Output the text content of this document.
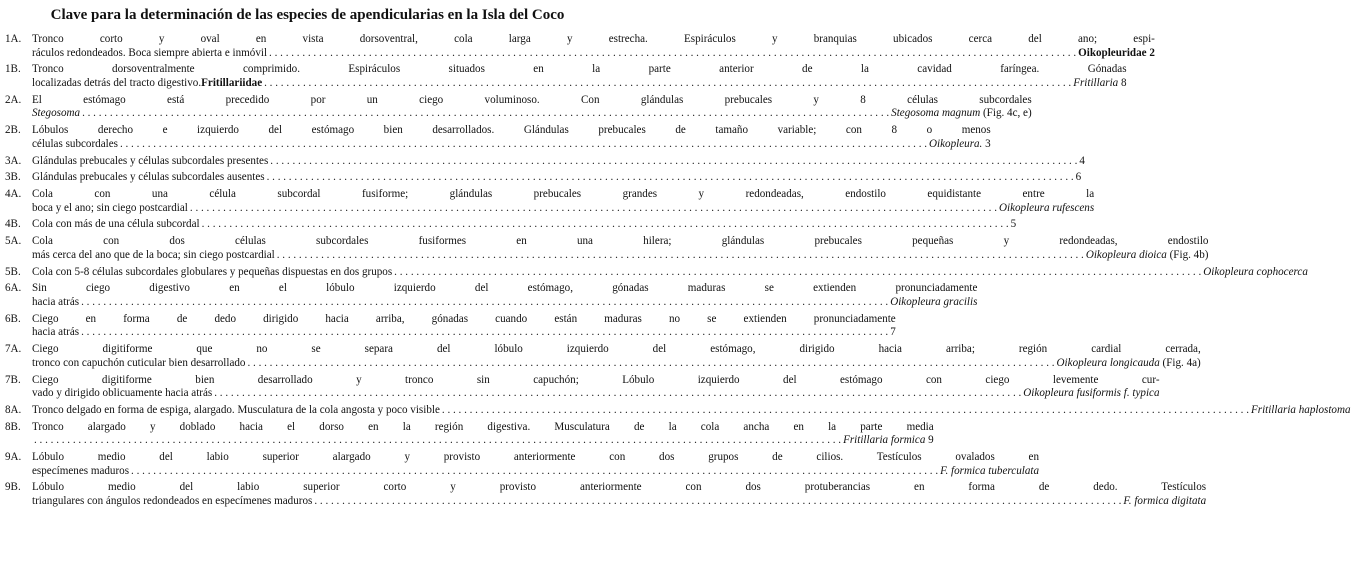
Clave para la determinación de las especies de apendicularias en la Isla del Coco
1A. Tronco corto y oval en vista dorsoventral, cola larga y estrecha. Espiráculos y branquias ubicados cerca del ano; espi-
ráculos redondeados. Boca siempre abierta e inmóvil . . .	Oikopleuridae 2
1B.	Tronco dorsoventralmente comprimido. Espiráculos situados en la parte anterior de la cavidad faríngea. Gónadas
localizadas detrás del tracto digestivo. Fritillariidae . . .	Fritillaria 8
2A. El estómago está precedido por un ciego voluminoso. Con glándulas prebucales y 8 células subcordales
Stegosoma . . .	Stegosoma magnum (Fig. 4c, e)
2B.	Lóbulos derecho e izquierdo del estómago bien desarrollados. Glándulas prebucales de tamaño variable; con 8 o menos
células subcordales . . .	Oikopleura. 3
3A. Glándulas prebucales y células subcordales presentes . . .	4
3B.	Glándulas prebucales y células subcordales ausentes . . .	6
4A. Cola con una célula subcordal fusiforme; glándulas prebucales grandes y redondeadas, endostilo equidistante entre la
boca y el ano; sin ciego postcardial . . .	Oikopleura rufescens
4B.	Cola con más de una célula subcordal . . .	5
5A. Cola con dos células subcordales fusiformes en una hilera; glándulas prebucales pequeñas y redondeadas, endostilo
más cerca del ano que de la boca; sin ciego postcardial . . .	Oikopleura dioica (Fig. 4b)
5B.	Cola con 5-8 células subcordales globulares y pequeñas dispuestas en dos grupos . . .	Oikopleura cophocerca
6A. Sin ciego digestivo en el lóbulo izquierdo del estómago, gónadas maduras se extienden pronunciadamente
hacia atrás . . .	Oikopleura gracilis
6B.	Ciego en forma de dedo dirigido hacia arriba, gónadas cuando están maduras no se extienden pronunciadamente
hacia atrás . . .	7
7A. Ciego digitiforme que no se separa del lóbulo izquierdo del estómago, dirigido hacia arriba; región cardial cerrada,
tronco con capuchón cuticular bien desarrollado . . .	Oikopleura longicauda (Fig. 4a)
7B.	Ciego digitiforme bien desarrollado y tronco sin capuchón; Lóbulo izquierdo del estómago con ciego levemente cur-
vado y dirigido oblicuamente hacia atrás . . .	Oikopleura fusiformis f. typica
8A. Tronco delgado en forma de espiga, alargado. Musculatura de la cola angosta y poco visible . . .	Fritillaria haplostoma
8B.	Tronco alargado y doblado hacia el dorso en la región digestiva. Musculatura de la cola ancha en la parte media
. . .
Fritillaria formica 9
9A. Lóbulo medio del labio superior alargado y provisto anteriormente con dos grupos de cilios. Testículos ovalados en
especímenes maduros . . .	F. formica tuberculata
9B.	Lóbulo medio del labio superior corto y provisto anteriormente con dos protuberancias en forma de dedo. Testículos
triangulares con ángulos redondeados en especímenes maduros . . .	F. formica digitata
